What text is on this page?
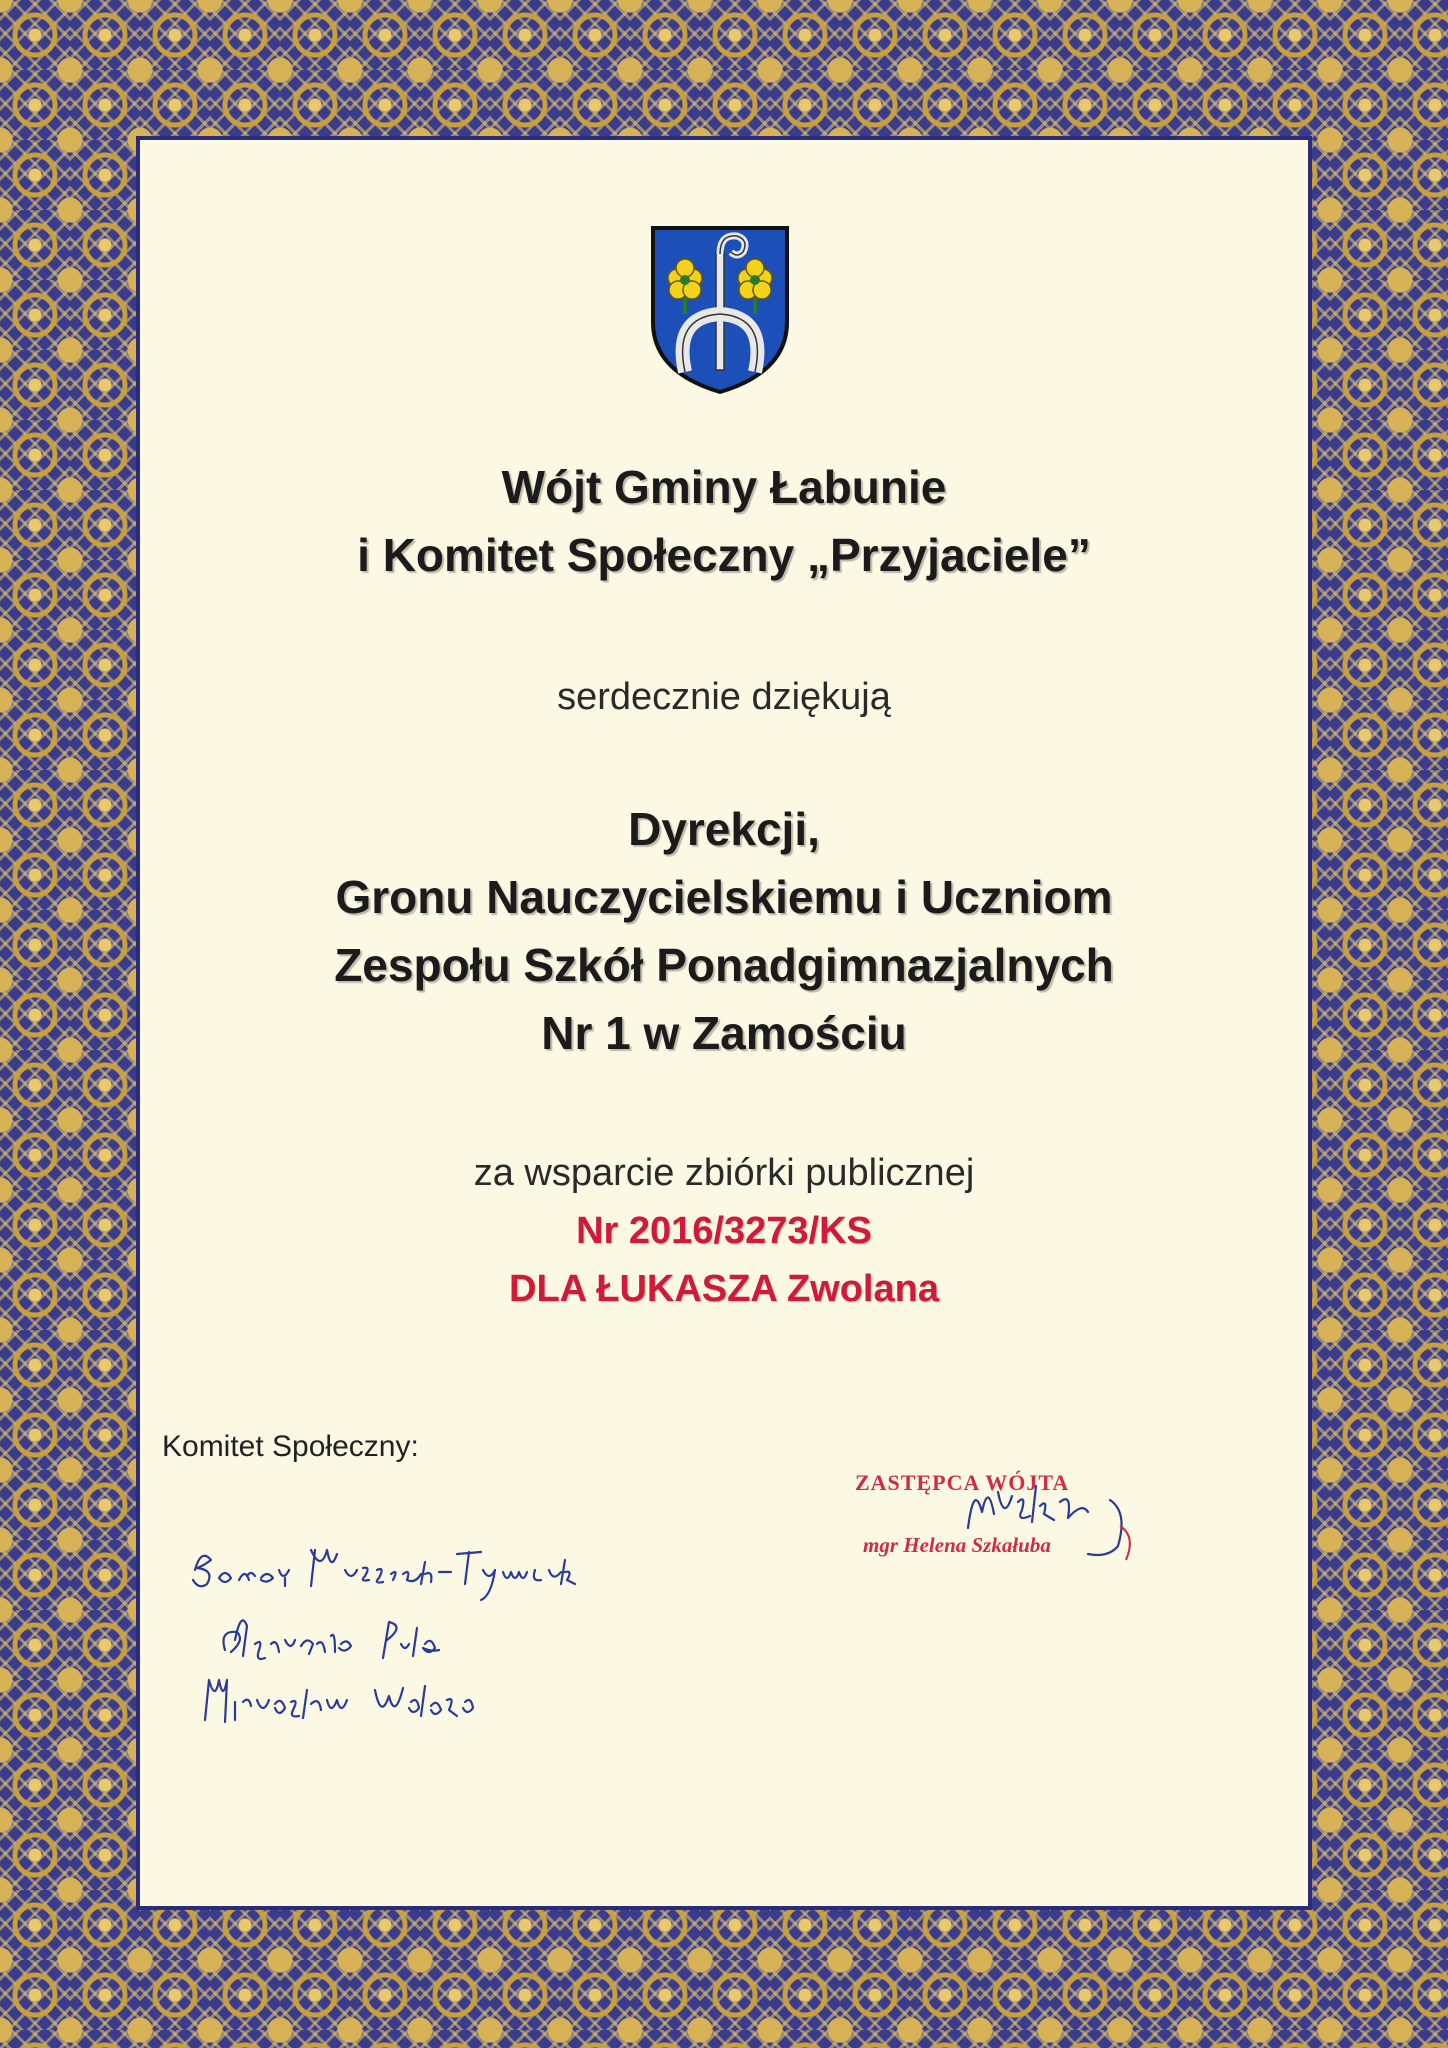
Wójt Gminy Łabunie
i Komitet Społeczny „Przyjaciele”
serdecznie dziękują
Dyrekcji,
Gronu Nauczycielskiemu i Uczniom
Zespołu Szkół Ponadgimnazjalnych
Nr 1 w Zamościu
za wsparcie zbiórki publicznej
Nr 2016/3273/KS
DLA ŁUKASZA Zwolana
Komitet Społeczny:
ZASTĘPCA WÓJTA
mgr Helena Szkałuba
